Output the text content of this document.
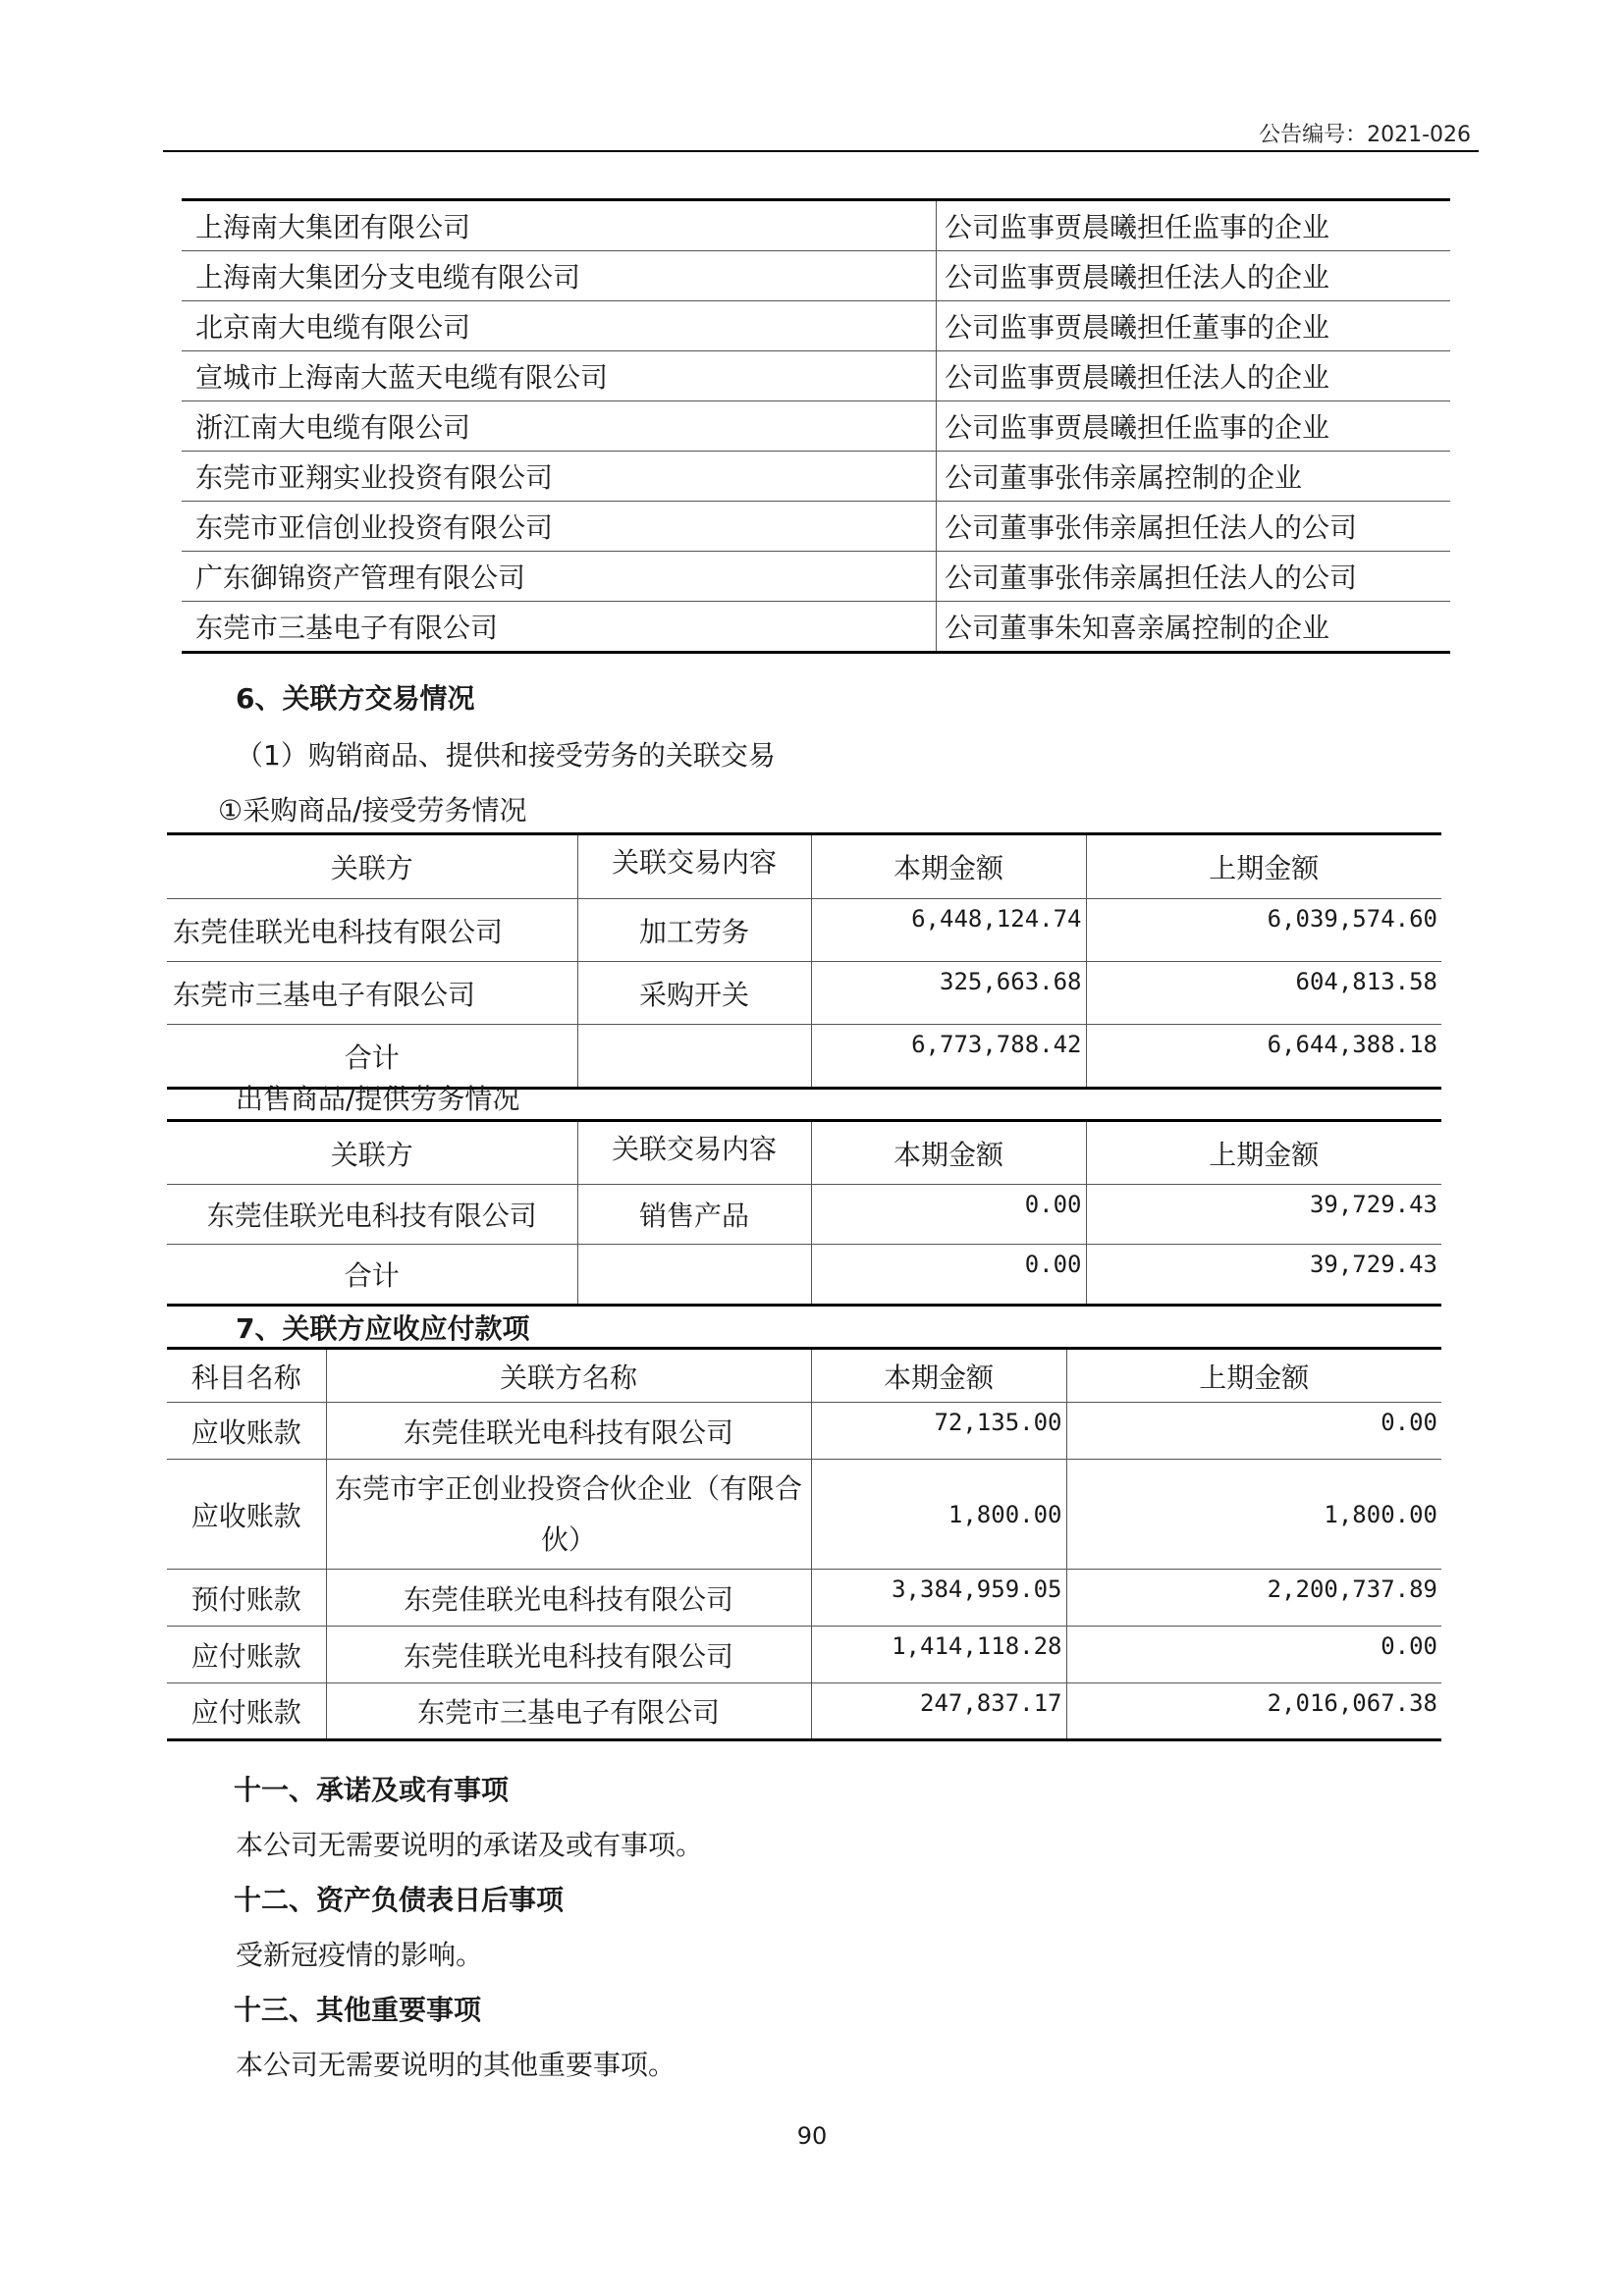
公告编号：2021-026
上海南大集团有限公司	公司监事贾晨曦担任监事的企业
上海南大集团分支电缆有限公司	公司监事贾晨曦担任法人的企业
北京南大电缆有限公司	公司监事贾晨曦担任董事的企业
宣城市上海南大蓝天电缆有限公司	公司监事贾晨曦担任法人的企业
浙江南大电缆有限公司	公司监事贾晨曦担任监事的企业
东莞市亚翔实业投资有限公司	公司董事张伟亲属控制的企业
东莞市亚信创业投资有限公司	公司董事张伟亲属担任法人的公司
广东御锦资产管理有限公司	公司董事张伟亲属担任法人的公司
东莞市三基电子有限公司	公司董事朱知喜亲属控制的企业
6、关联方交易情况
（1）购销商品、提供和接受劳务的关联交易
①采购商品/接受劳务情况
关联方	关联交易内容	本期金额	上期金额
东莞佳联光电科技有限公司	加工劳务	6,448,124.74	6,039,574.60
东莞市三基电子有限公司	采购开关	325,663.68	604,813.58
合计		6,773,788.42	6,644,388.18
出售商品/提供劳务情况
关联方	关联交易内容	本期金额	上期金额
东莞佳联光电科技有限公司	销售产品	0.00	39,729.43
合计		0.00	39,729.43
7、关联方应收应付款项
科目名称	关联方名称	本期金额	上期金额
应收账款	东莞佳联光电科技有限公司	72,135.00	0.00
应收账款	东莞市宇正创业投资合伙企业（有限合伙）	1,800.00	1,800.00
预付账款	东莞佳联光电科技有限公司	3,384,959.05	2,200,737.89
应付账款	东莞佳联光电科技有限公司	1,414,118.28	0.00
应付账款	东莞市三基电子有限公司	247,837.17	2,016,067.38
十一、承诺及或有事项
本公司无需要说明的承诺及或有事项。
十二、资产负债表日后事项
受新冠疫情的影响。
十三、其他重要事项
本公司无需要说明的其他重要事项。
90
